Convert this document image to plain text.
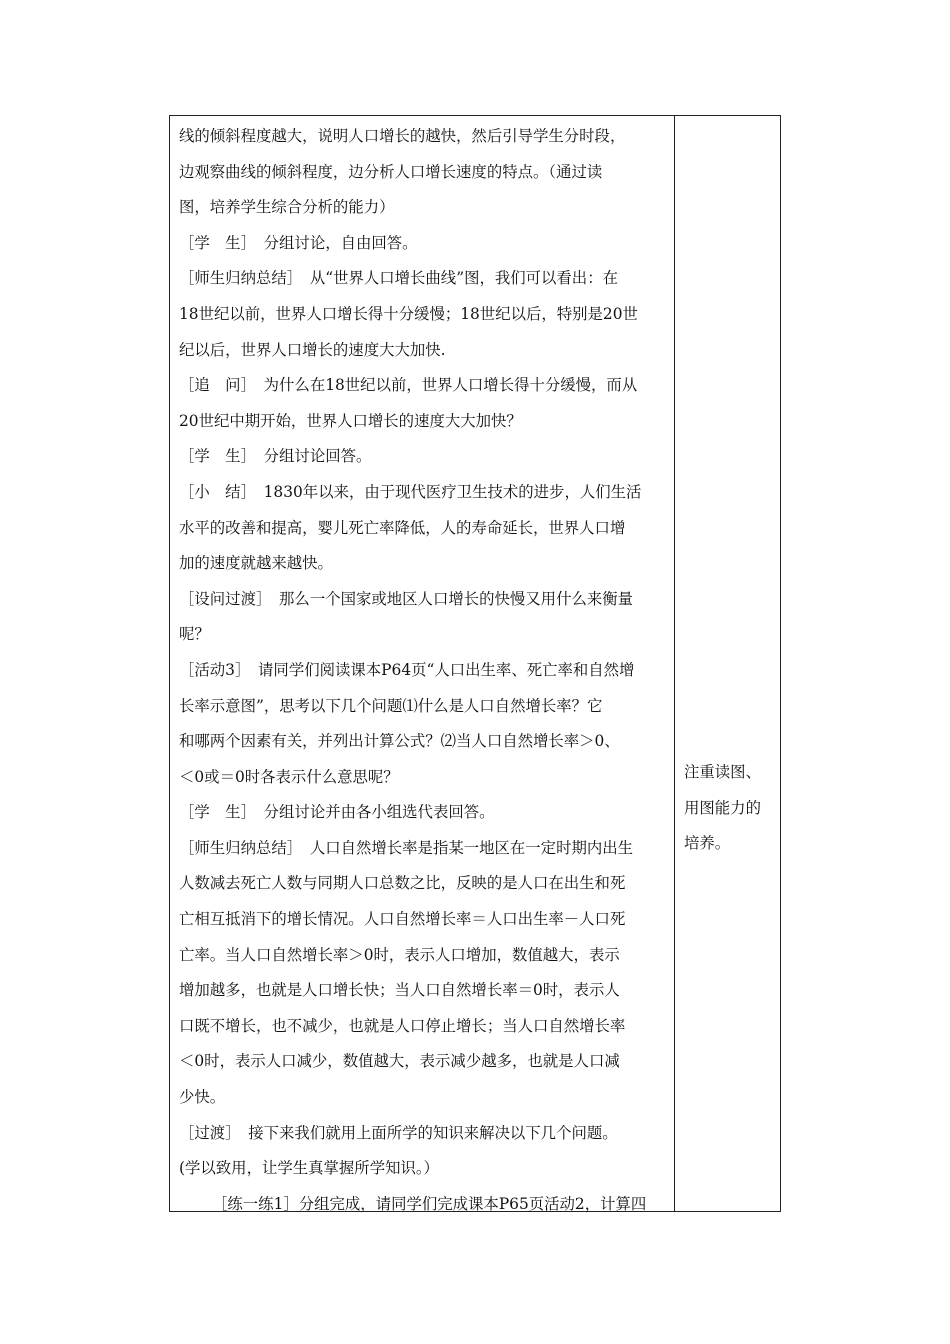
线的倾斜程度越大，说明人口增长的越快，然后引导学生分时段，

边观察曲线的倾斜程度，边分析人口增长速度的特点。（通过读

图，培养学生综合分析的能力）

［学　生］　分组讨论，自由回答。

［师生归纳总结］　从“世界人口增长曲线”图，我们可以看出：在

18世纪以前，世界人口增长得十分缓慢；18世纪以后，特别是20世

纪以后，世界人口增长的速度大大加快.

［追　问］　为什么在18世纪以前，世界人口增长得十分缓慢，而从

20世纪中期开始，世界人口增长的速度大大加快？

［学　生］　分组讨论回答。

［小　结］　1830年以来，由于现代医疗卫生技术的进步，人们生活

水平的改善和提高，婴儿死亡率降低，人的寿命延长，世界人口增

加的速度就越来越快。

［设问过渡］　那么一个国家或地区人口增长的快慢又用什么来衡量

呢？

［活动3］　请同学们阅读课本P64页“人口出生率、死亡率和自然增

长率示意图”，思考以下几个问题⑴什么是人口自然增长率？它

和哪两个因素有关，并列出计算公式？⑵当人口自然增长率＞0、

＜0或＝0时各表示什么意思呢？

［学　生］　分组讨论并由各小组选代表回答。

［师生归纳总结］　人口自然增长率是指某一地区在一定时期内出生

人数减去死亡人数与同期人口总数之比，反映的是人口在出生和死

亡相互抵消下的增长情况。人口自然增长率＝人口出生率－人口死

亡率。当人口自然增长率＞0时，表示人口增加，数值越大，表示

增加越多，也就是人口增长快；当人口自然增长率＝0时，表示人

口既不增长，也不减少，也就是人口停止增长；当人口自然增长率

＜0时，表示人口减少，数值越大，表示减少越多，也就是人口减

少快。

［过渡］　接下来我们就用上面所学的知识来解决以下几个问题。

(学以致用，让学生真掌握所学知识。）

［练一练1］分组完成，请同学们完成课本P65页活动2，计算四

注重读图、

用图能力的

培养。
